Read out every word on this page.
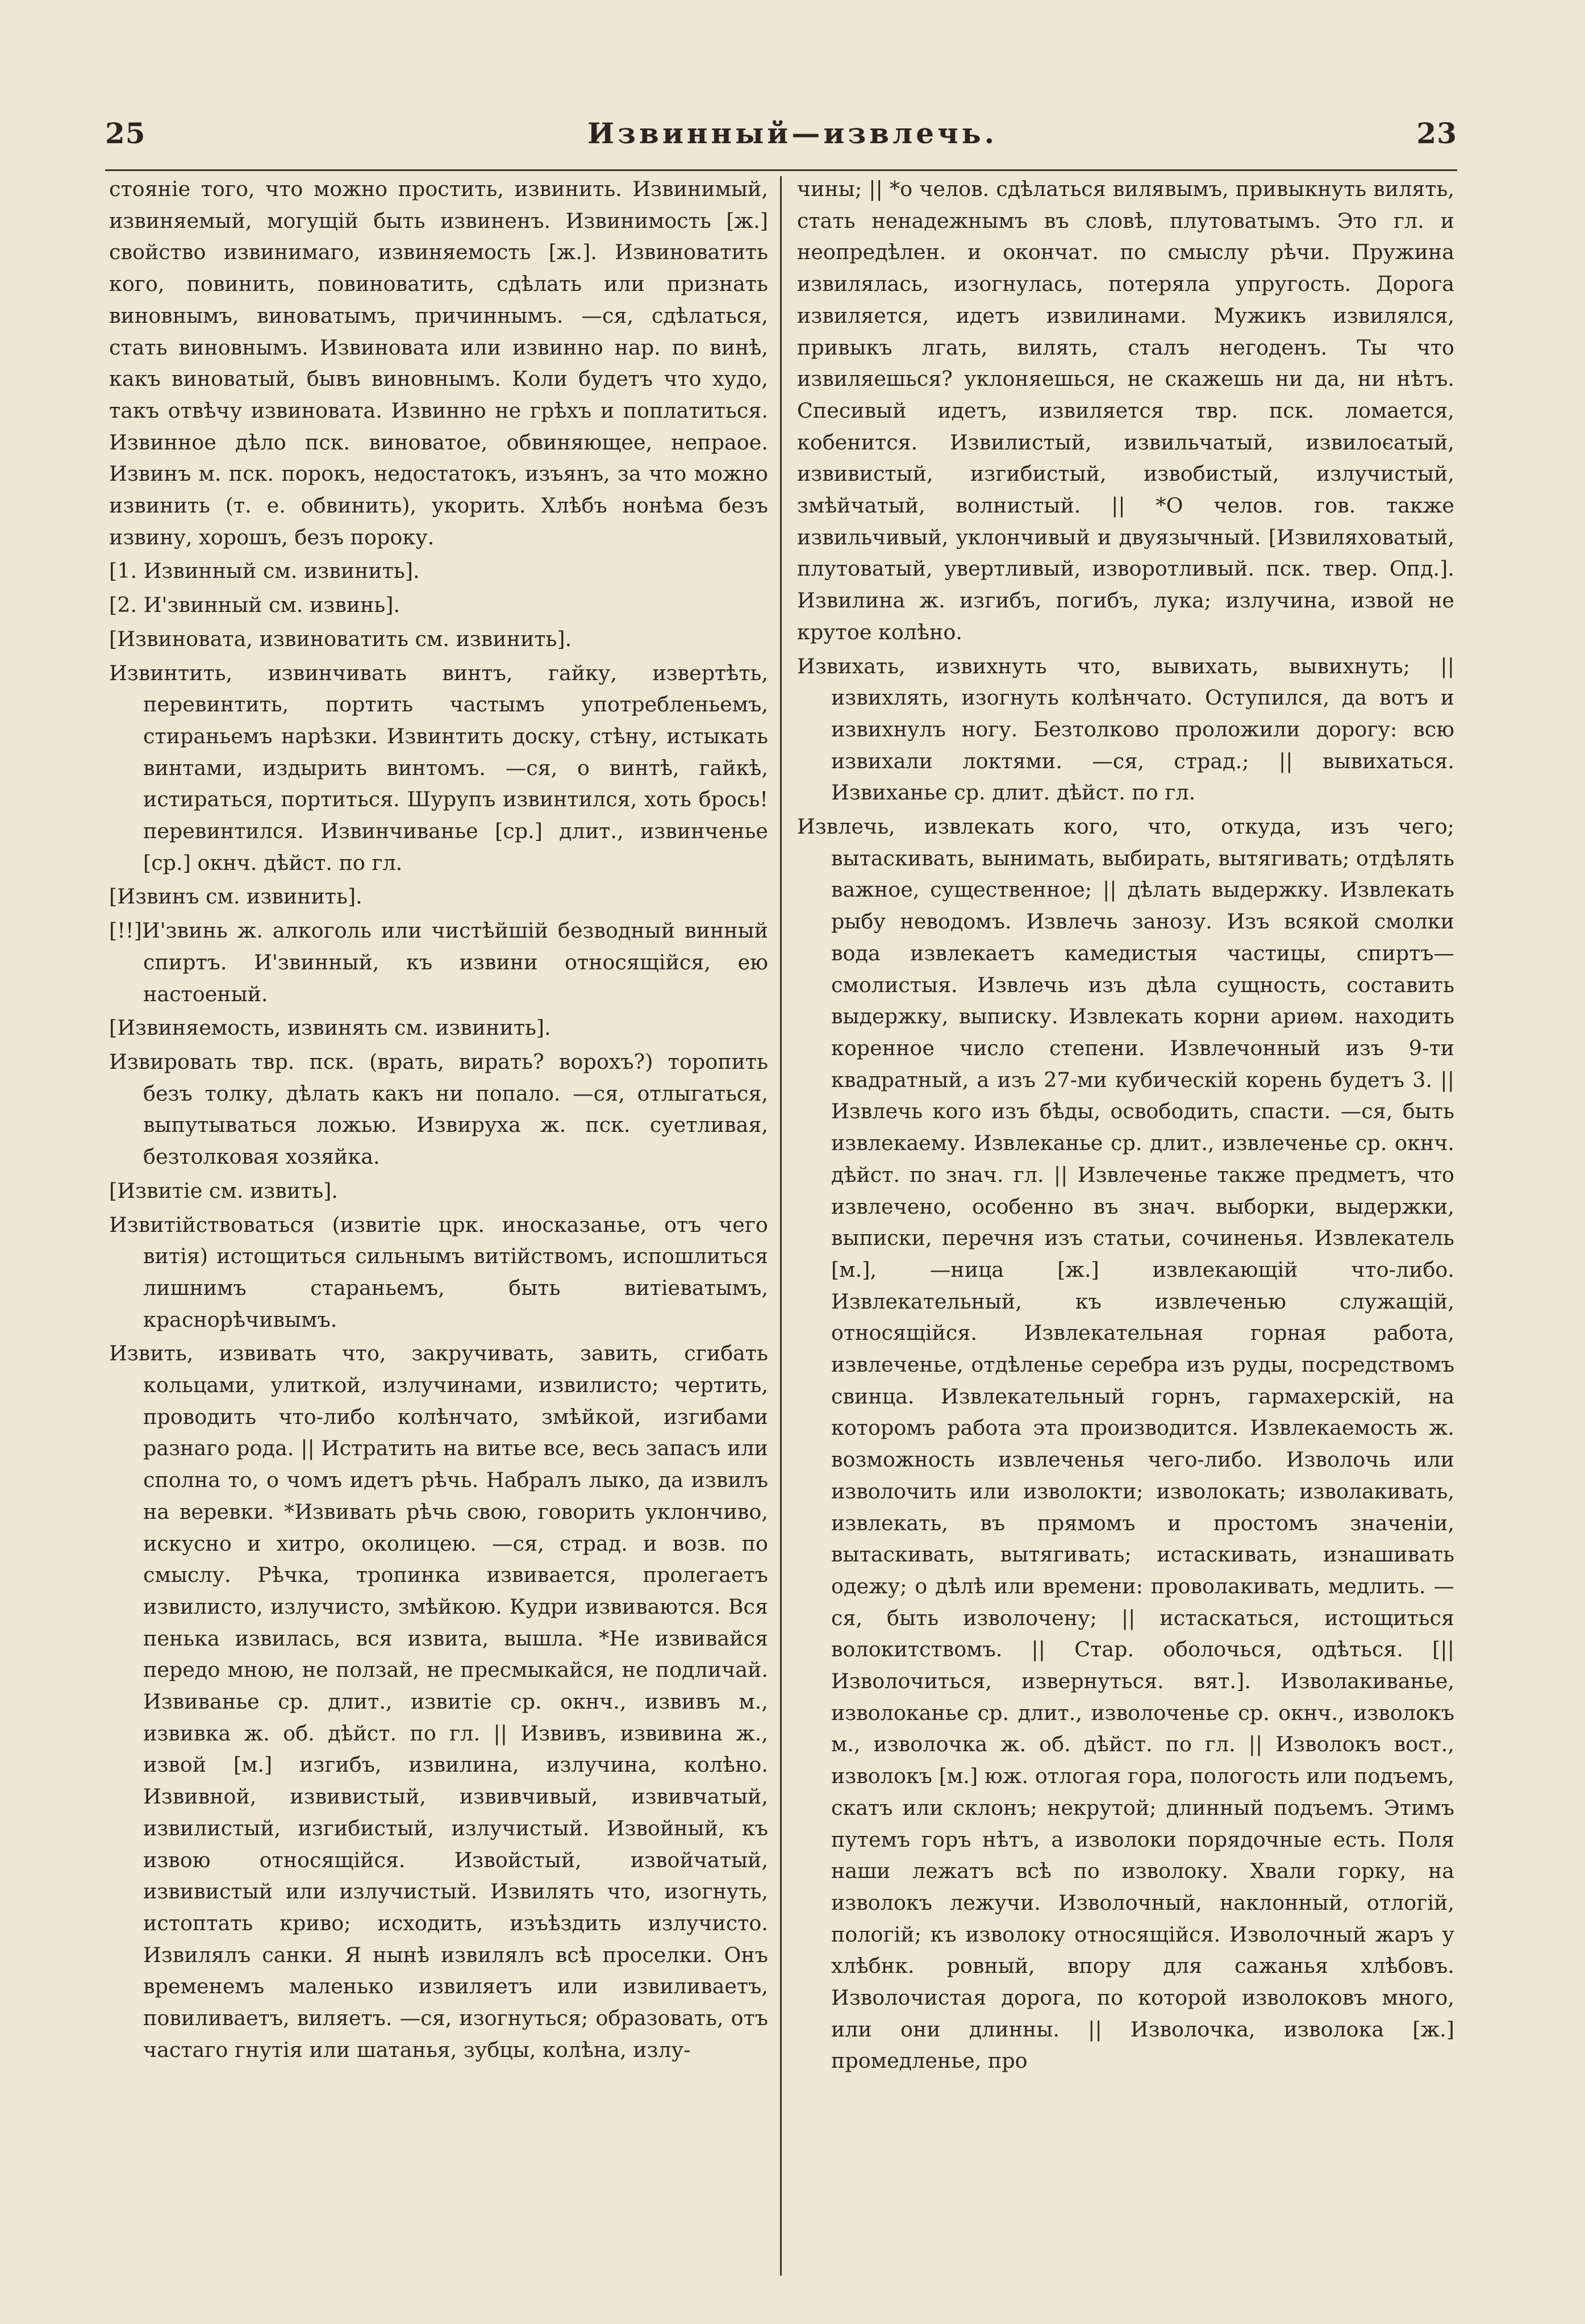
25	Извинный—извлечь.	23

стояніе того, что можно простить, извинить. Извинимый, извиняемый, могущій быть извиненъ. Извинимость [ж.] свойство извинимаго, извиняемость [ж.]. Извиноватить кого, повинить, повиноватить, сдѣлать или признать виновнымъ, виноватымъ, причиннымъ. —ся, сдѣлаться, стать виновнымъ. Извиновата или извинно нар. по винѣ, какъ виноватый, бывъ виновнымъ. Коли будетъ что худо, такъ отвѣчу извиновата. Извинно не грѣхъ и поплатиться. Извинное дѣло пск. виноватое, обвиняющее, непраое. Извинъ м. пск. порокъ, недостатокъ, изъянъ, за что можно извинить (т. е. обвинить), укорить. Хлѣбъ нонѣма безъ извину, хорошъ, безъ пороку.

[1. Извинный см. извинить].

[2. И'звинный см. извинь].

[Извиновата, извиноватить см. извинить].

Извинтить, извинчивать винтъ, гайку, извертѣть, перевинтить, портить частымъ употребленьемъ, стираньемъ нарѣзки. Извинтить доску, стѣну, истыкать винтами, издырить винтомъ. —ся, о винтѣ, гайкѣ, истираться, портиться. Шурупъ извинтился, хоть брось! перевинтился. Извинчиванье [ср.] длит., извинченье [ср.] окнч. дѣйст. по гл.

[Извинъ см. извинить].

[!!]И'звинь ж. алкоголь или чистѣйшій безводный винный спиртъ. И'звинный, къ извини относящійся, ею настоеный.

[Извиняемость, извинять см. извинить].

Извировать твр. пск. (врать, вирать? ворохъ?) торопить безъ толку, дѣлать какъ ни попало. —ся, отлыгаться, выпутываться ложью. Извируха ж. пск. суетливая, безтолковая хозяйка.

[Извитіе см. извить].

Извитійствоваться (извитіе црк. иносказанье, отъ чего витія) истощиться сильнымъ витійствомъ, испошлиться лишнимъ стараньемъ, быть витіеватымъ, краснорѣчивымъ.

Извить, извивать что, закручивать, завить, сгибать кольцами, улиткой, излучинами, извилисто; чертить, проводить что-либо колѣнчато, змѣйкой, изгибами разнаго рода. || Истратить на витье все, весь запасъ или сполна то, о чомъ идетъ рѣчь. Набралъ лыко, да извилъ на веревки. *Извивать рѣчь свою, говорить уклончиво, искусно и хитро, околицею. —ся, страд. и возв. по смыслу. Рѣчка, тропинка извивается, пролегаетъ извилисто, излучисто, змѣйкою. Кудри извиваются. Вся пенька извилась, вся извита, вышла. *Не извивайся передо мною, не ползай, не пресмыкайся, не подличай. Извиванье ср. длит., извитіе ср. окнч., извивъ м., извивка ж. об. дѣйст. по гл. || Извивъ, извивина ж., извой [м.] изгибъ, извилина, излучина, колѣно. Извивной, извивистый, извивчивый, извивчатый, извилистый, изгибистый, излучистый. Извойный, къ извою относящійся. Извойстый, извойчатый, извивистый или излучистый. Извилять что, изогнуть, истоптать криво; исходить, изъѣздить излучисто. Извилялъ санки. Я нынѣ извилялъ всѣ проселки. Онъ временемъ маленько извиляетъ или извиливаетъ, повиливаетъ, виляетъ. —ся, изогнуться; образовать, отъ частаго гнутія или шатанья, зубцы, колѣна, излу-

чины; || *о челов. сдѣлаться вилявымъ, привыкнуть вилять, стать ненадежнымъ въ словѣ, плутоватымъ. Это гл. и неопредѣлен. и окончат. по смыслу рѣчи. Пружина извилялась, изогнулась, потеряла упругость. Дорога извиляется, идетъ извилинами. Мужикъ извилялся, привыкъ лгать, вилять, сталъ негоденъ. Ты что извиляешься? уклоняешься, не скажешь ни да, ни нѣтъ. Спесивый идетъ, извиляется твр. пск. ломается, кобенится. Извилистый, извильчатый, извилоєатый, извивистый, изгибистый, извобистый, излучистый, змѣйчатый, волнистый. || *О челов. гов. также извильчивый, уклончивый и двуязычный. [Извиляховатый, плутоватый, увертливый, изворотливый. пск. твер. Опд.]. Извилина ж. изгибъ, погибъ, лука; излучина, извой не крутое колѣно.

Извихать, извихнуть что, вывихать, вывихнуть; || извихлять, изогнуть колѣнчато. Оступился, да вотъ и извихнулъ ногу. Безтолково проложили дорогу: всю извихали локтями. —ся, страд.; || вывихаться. Извиханье ср. длит. дѣйст. по гл.

Извлечь, извлекать кого, что, откуда, изъ чего; вытаскивать, вынимать, выбирать, вытягивать; отдѣлять важное, существенное; || дѣлать выдержку. Извлекать рыбу неводомъ. Извлечь занозу. Изъ всякой смолки вода извлекаетъ камедистыя частицы, спиртъ—смолистыя. Извлечь изъ дѣла сущность, составить выдержку, выписку. Извлекать корни ариѳм. находить коренное число степени. Извлечонный изъ 9-ти квадратный, а изъ 27-ми кубическій корень будетъ 3. || Извлечь кого изъ бѣды, освободить, спасти. —ся, быть извлекаему. Извлеканье ср. длит., извлеченье ср. окнч. дѣйст. по знач. гл. || Извлеченье также предметъ, что извлечено, особенно въ знач. выборки, выдержки, выписки, перечня изъ статьи, сочиненья. Извлекатель [м.], —ница [ж.] извлекающій что-либо. Извлекательный, къ извлеченью служащій, относящійся. Извлекательная горная работа, извлеченье, отдѣленье серебра изъ руды, посредствомъ свинца. Извлекательный горнъ, гармахерскій, на которомъ работа эта производится. Извлекаемость ж. возможность извлеченья чего-либо. Изволочь или изволочить или изволокти; изволокать; изволакивать, извлекать, въ прямомъ и простомъ значеніи, вытаскивать, вытягивать; истаскивать, изнашивать одежу; о дѣлѣ или времени: проволакивать, медлить. —ся, быть изволочену; || истаскаться, истощиться волокитствомъ. || Стар. оболочься, одѣться. [|| Изволочиться, извернуться. вят.]. Изволакиванье, изволоканье ср. длит., изволоченье ср. окнч., изволокъ м., изволочка ж. об. дѣйст. по гл. || Изволокъ вост., изволокъ [м.] юж. отлогая гора, пологость или подъемъ, скатъ или склонъ; некрутой; длинный подъемъ. Этимъ путемъ горъ нѣтъ, а изволоки порядочные есть. Поля наши лежатъ всѣ по изволоку. Хвали горку, на изволокъ лежучи. Изволочный, наклонный, отлогій, пологій; къ изволоку относящійся. Изволочный жаръ у хлѣбнк. ровный, впору для сажанья хлѣбовъ. Изволочистая дорога, по которой изволоковъ много, или они длинны. || Изволочка, изволока [ж.] промедленье, про
